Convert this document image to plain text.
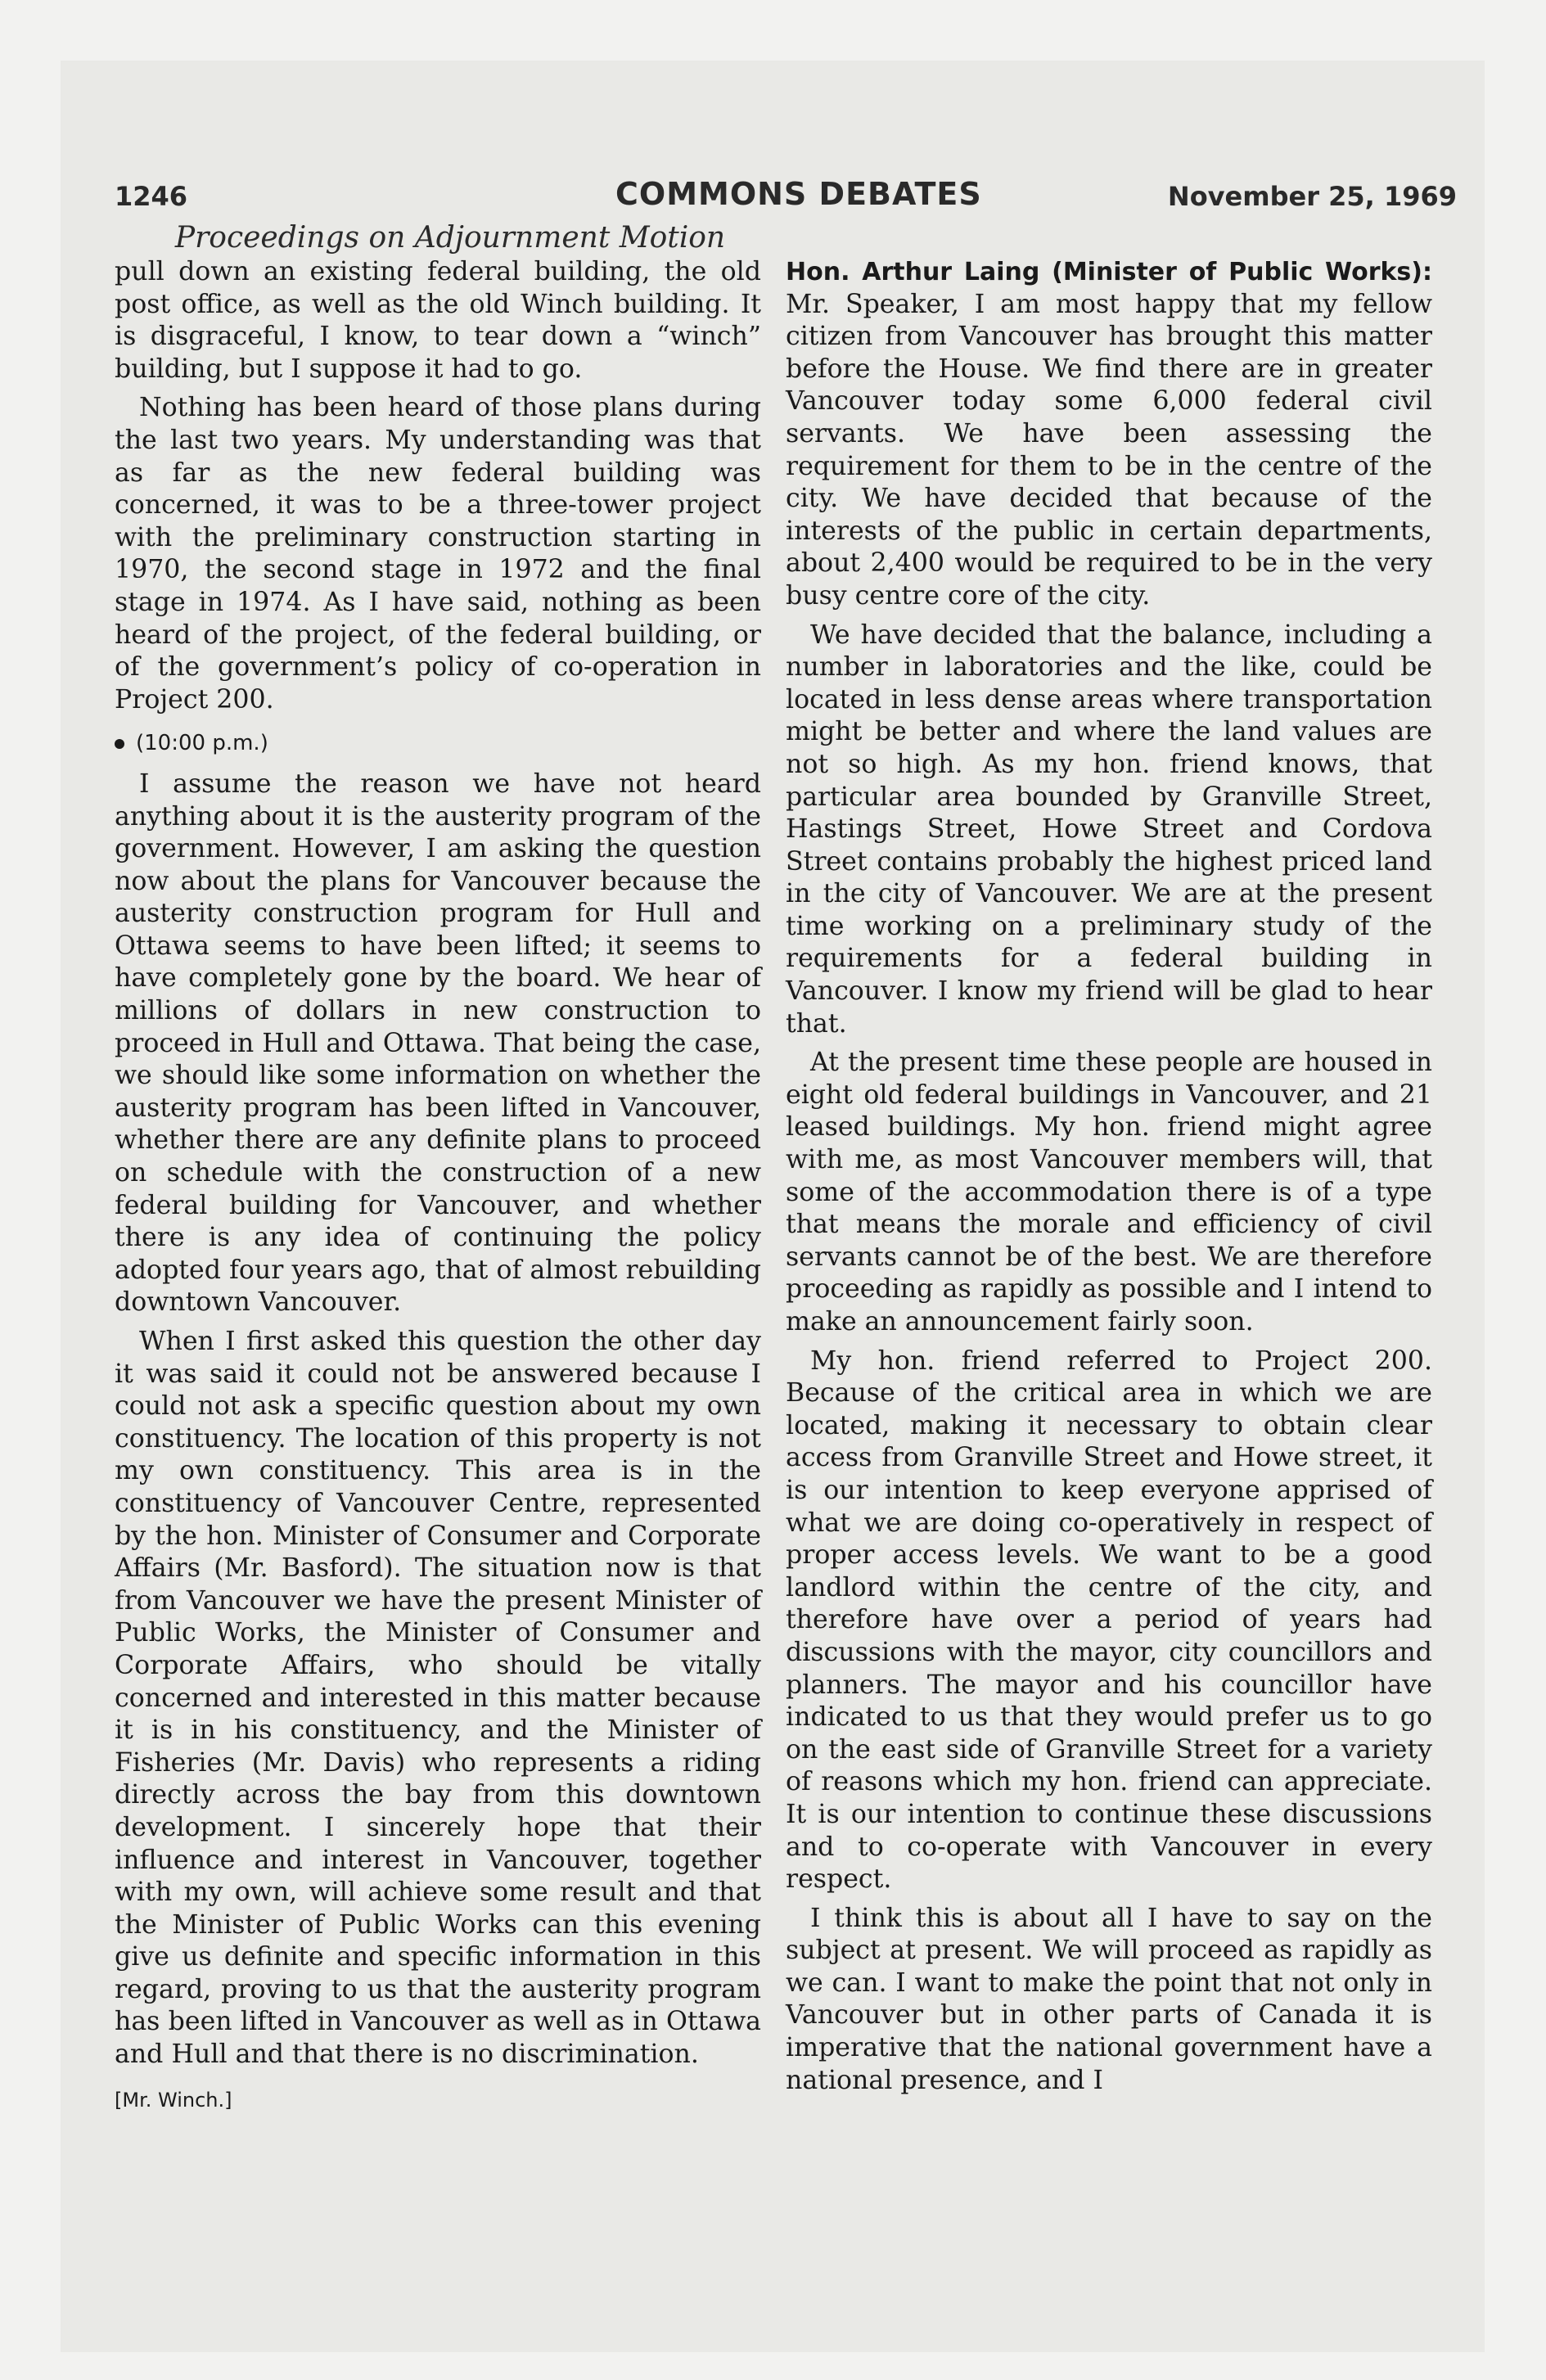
1246	COMMONS DEBATES	November 25, 1969
Proceedings on Adjournment Motion

pull down an existing federal building, the old post office, as well as the old Winch building. It is disgraceful, I know, to tear down a “winch” building, but I suppose it had to go.

Nothing has been heard of those plans during the last two years. My understanding was that as far as the new federal building was concerned, it was to be a three-tower project with the preliminary construction starting in 1970, the second stage in 1972 and the final stage in 1974. As I have said, nothing as been heard of the project, of the federal building, or of the government’s policy of co-operation in Project 200.

(10:00 p.m.)

I assume the reason we have not heard anything about it is the austerity program of the government. However, I am asking the question now about the plans for Vancouver because the austerity construction program for Hull and Ottawa seems to have been lifted; it seems to have completely gone by the board. We hear of millions of dollars in new construction to proceed in Hull and Ottawa. That being the case, we should like some information on whether the austerity program has been lifted in Vancouver, whether there are any definite plans to proceed on schedule with the construction of a new federal building for Vancouver, and whether there is any idea of continuing the policy adopted four years ago, that of almost rebuilding downtown Vancouver.

When I first asked this question the other day it was said it could not be answered because I could not ask a specific question about my own constituency. The location of this property is not my own constituency. This area is in the constituency of Vancouver Centre, represented by the hon. Minister of Consumer and Corporate Affairs (Mr. Basford). The situation now is that from Vancouver we have the present Minister of Public Works, the Minister of Consumer and Corporate Affairs, who should be vitally concerned and interested in this matter because it is in his constituency, and the Minister of Fisheries (Mr. Davis) who represents a riding directly across the bay from this downtown development. I sincerely hope that their influence and interest in Vancouver, together with my own, will achieve some result and that the Minister of Public Works can this evening give us definite and specific information in this regard, proving to us that the austerity program has been lifted in Vancouver as well as in Ottawa and Hull and that there is no discrimination.

[Mr. Winch.]

Hon. Arthur Laing (Minister of Public Works): Mr. Speaker, I am most happy that my fellow citizen from Vancouver has brought this matter before the House. We find there are in greater Vancouver today some 6,000 federal civil servants. We have been assessing the requirement for them to be in the centre of the city. We have decided that because of the interests of the public in certain departments, about 2,400 would be required to be in the very busy centre core of the city.

We have decided that the balance, including a number in laboratories and the like, could be located in less dense areas where transportation might be better and where the land values are not so high. As my hon. friend knows, that particular area bounded by Granville Street, Hastings Street, Howe Street and Cordova Street contains probably the highest priced land in the city of Vancouver. We are at the present time working on a preliminary study of the requirements for a federal building in Vancouver. I know my friend will be glad to hear that.

At the present time these people are housed in eight old federal buildings in Vancouver, and 21 leased buildings. My hon. friend might agree with me, as most Vancouver members will, that some of the accommodation there is of a type that means the morale and efficiency of civil servants cannot be of the best. We are therefore proceeding as rapidly as possible and I intend to make an announcement fairly soon.

My hon. friend referred to Project 200. Because of the critical area in which we are located, making it necessary to obtain clear access from Granville Street and Howe street, it is our intention to keep everyone apprised of what we are doing co-operatively in respect of proper access levels. We want to be a good landlord within the centre of the city, and therefore have over a period of years had discussions with the mayor, city councillors and planners. The mayor and his councillor have indicated to us that they would prefer us to go on the east side of Granville Street for a variety of reasons which my hon. friend can appreciate. It is our intention to continue these discussions and to co-operate with Vancouver in every respect.

I think this is about all I have to say on the subject at present. We will proceed as rapidly as we can. I want to make the point that not only in Vancouver but in other parts of Canada it is imperative that the national government have a national presence, and I
